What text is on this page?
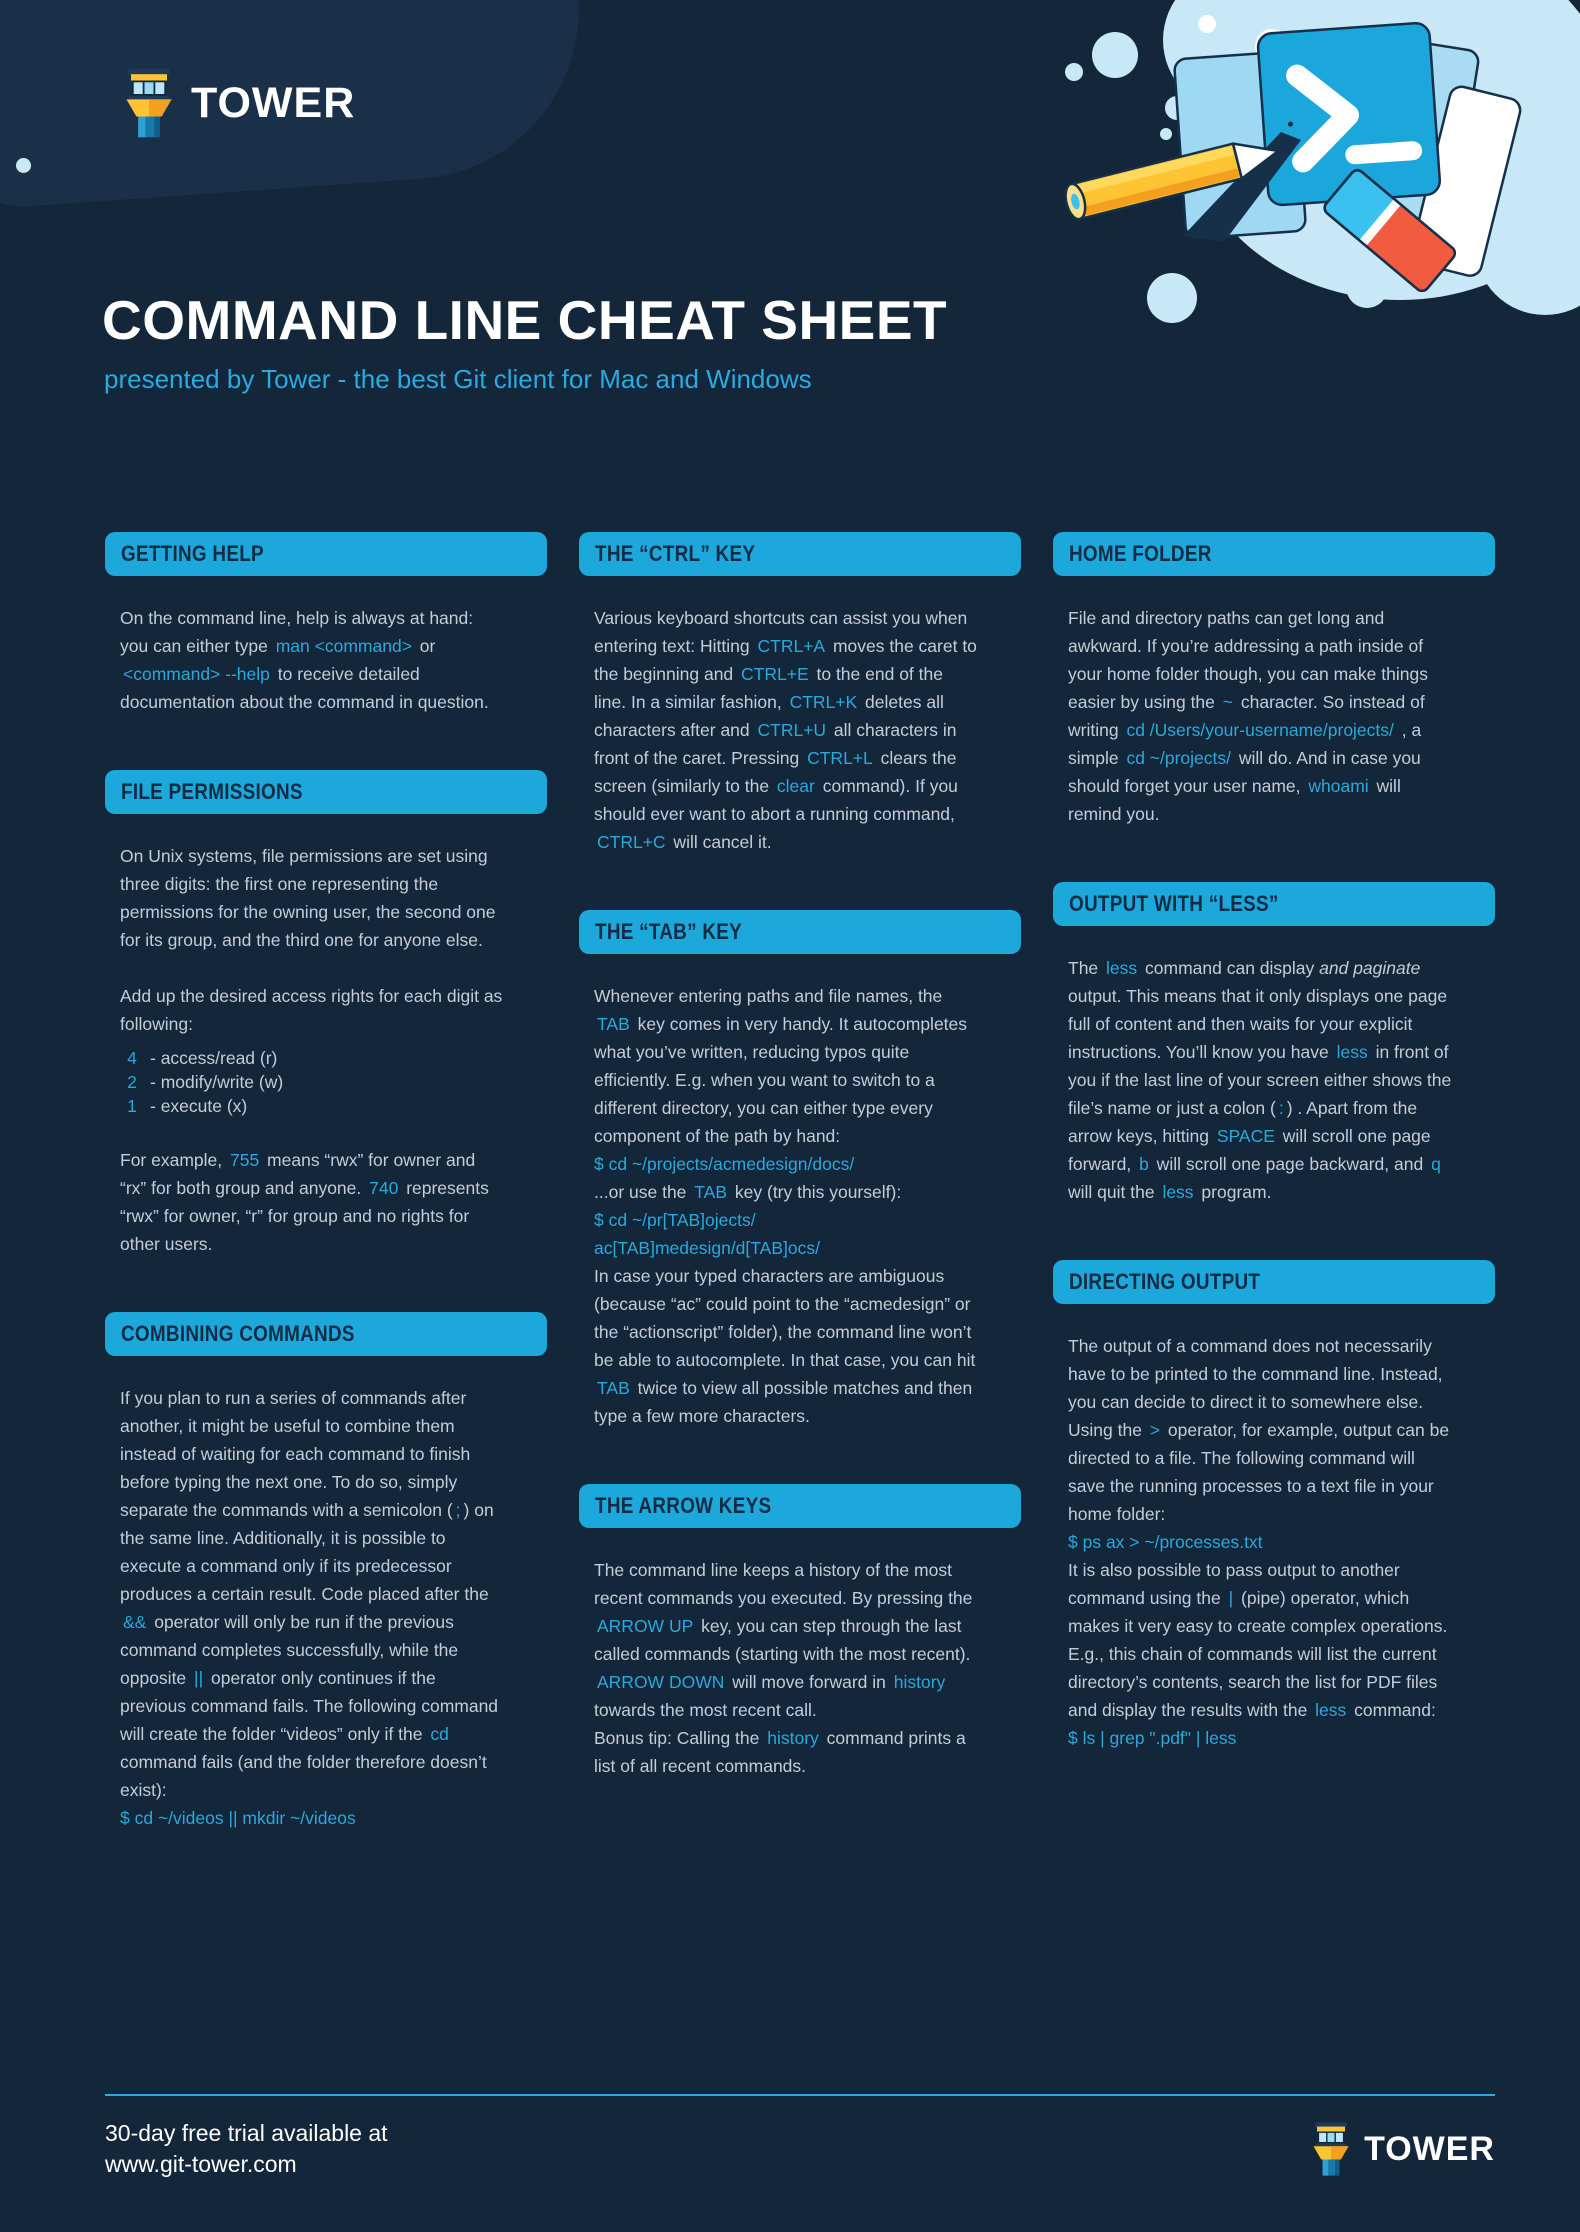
TOWER
COMMAND LINE CHEAT SHEET
presented by Tower - the best Git client for Mac and Windows
GETTING HELP

On the command line, help is always at hand: you can either type man <command> or <command> --help to receive detailed documentation about the command in question.

FILE PERMISSIONS

On Unix systems, file permissions are set using three digits: the first one representing the permissions for the owning user, the second one for its group, and the third one for anyone else.

Add up the desired access rights for each digit as following:

4 - access/read (r)
2 - modify/write (w)
1 - execute (x)

For example, 755 means “rwx” for owner and “rx” for both group and anyone. 740 represents “rwx” for owner, “r” for group and no rights for other users.

COMBINING COMMANDS

If you plan to run a series of commands after another, it might be useful to combine them instead of waiting for each command to finish before typing the next one. To do so, simply separate the commands with a semicolon ( ; ) on the same line. Additionally, it is possible to execute a command only if its predecessor produces a certain result. Code placed after the && operator will only be run if the previous command completes successfully, while the opposite || operator only continues if the previous command fails. The following command will create the folder “videos” only if the cd command fails (and the folder therefore doesn’t exist):

$ cd ~/videos || mkdir ~/videos
THE “CTRL” KEY

Various keyboard shortcuts can assist you when entering text: Hitting CTRL+A moves the caret to the beginning and CTRL+E to the end of the line. In a similar fashion, CTRL+K deletes all characters after and CTRL+U all characters in front of the caret. Pressing CTRL+L clears the screen (similarly to the clear command). If you should ever want to abort a running command, CTRL+C will cancel it.

THE “TAB” KEY

Whenever entering paths and file names, the TAB key comes in very handy. It autocompletes what you’ve written, reducing typos quite efficiently. E.g. when you want to switch to a different directory, you can either type every component of the path by hand:

$ cd ~/projects/acmedesign/docs/

...or use the TAB key (try this yourself):

$ cd ~/pr[TAB]ojects/
ac[TAB]medesign/d[TAB]ocs/

In case your typed characters are ambiguous (because “ac” could point to the “acmedesign” or the “actionscript” folder), the command line won’t be able to autocomplete. In that case, you can hit TAB twice to view all possible matches and then type a few more characters.

THE ARROW KEYS

The command line keeps a history of the most recent commands you executed. By pressing the ARROW UP key, you can step through the last called commands (starting with the most recent). ARROW DOWN will move forward in history towards the most recent call.

Bonus tip: Calling the history command prints a list of all recent commands.

HOME FOLDER

File and directory paths can get long and awkward. If you’re addressing a path inside of your home folder though, you can make things easier by using the ~ character. So instead of writing cd /Users/your-username/projects/ , a simple cd ~/projects/ will do. And in case you should forget your user name, whoami will remind you.

OUTPUT WITH “LESS”

The less command can display and paginate output. This means that it only displays one page full of content and then waits for your explicit instructions. You’ll know you have less in front of you if the last line of your screen either shows the file’s name or just a colon ( : ) . Apart from the arrow keys, hitting SPACE will scroll one page forward, b will scroll one page backward, and q will quit the less program.

DIRECTING OUTPUT

The output of a command does not necessarily have to be printed to the command line. Instead, you can decide to direct it to somewhere else. Using the > operator, for example, output can be directed to a file. The following command will save the running processes to a text file in your home folder:

$ ps ax > ~/processes.txt

It is also possible to pass output to another command using the | (pipe) operator, which makes it very easy to create complex operations. E.g., this chain of commands will list the current directory’s contents, search the list for PDF files and display the results with the less command:

$ ls | grep ".pdf" | less
30-day free trial available at
www.git-tower.com	TOWER
